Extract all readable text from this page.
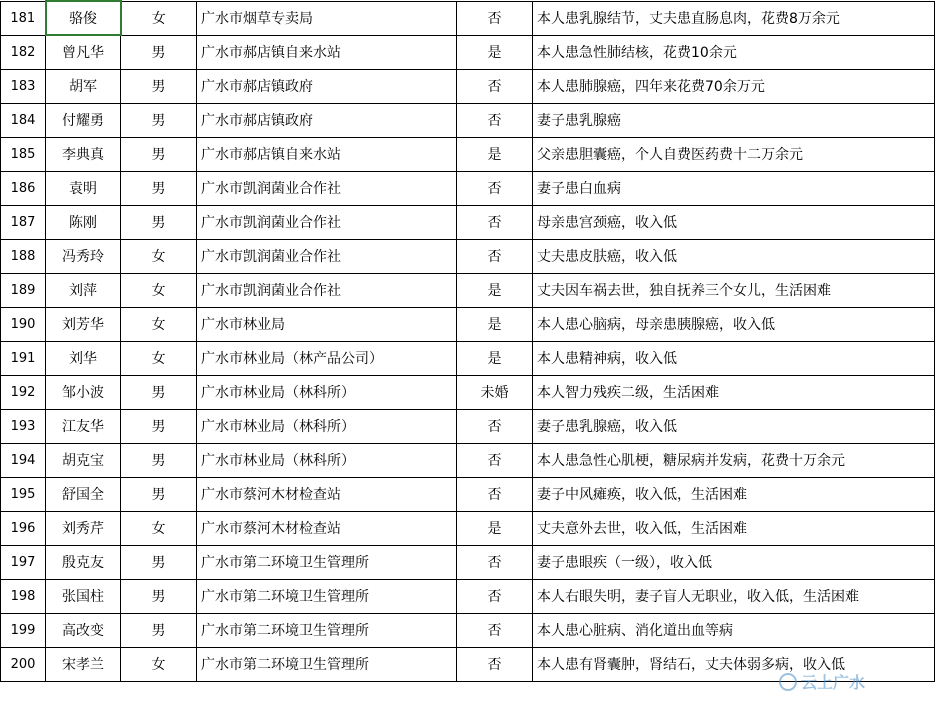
181	骆俊	女	广水市烟草专卖局	否	本人患乳腺结节，丈夫患直肠息肉，花费8万余元
182	曾凡华	男	广水市郝店镇自来水站	是	本人患急性肺结核，花费10余元
183	胡军	男	广水市郝店镇政府	否	本人患肺腺癌，四年来花费70余万元
184	付耀勇	男	广水市郝店镇政府	否	妻子患乳腺癌
185	李典真	男	广水市郝店镇自来水站	是	父亲患胆囊癌，个人自费医药费十二万余元
186	袁明	男	广水市凯润菌业合作社	否	妻子患白血病
187	陈刚	男	广水市凯润菌业合作社	否	母亲患宫颈癌，收入低
188	冯秀玲	女	广水市凯润菌业合作社	否	丈夫患皮肤癌，收入低
189	刘萍	女	广水市凯润菌业合作社	是	丈夫因车祸去世，独自抚养三个女儿，生活困难
190	刘芳华	女	广水市林业局	是	本人患心脑病，母亲患胰腺癌，收入低
191	刘华	女	广水市林业局（林产品公司）	是	本人患精神病，收入低
192	邹小波	男	广水市林业局（林科所）	未婚	本人智力残疾二级，生活困难
193	江友华	男	广水市林业局（林科所）	否	妻子患乳腺癌，收入低
194	胡克宝	男	广水市林业局（林科所）	否	本人患急性心肌梗，糖尿病并发病，花费十万余元
195	舒国全	男	广水市蔡河木材检查站	否	妻子中风瘫痪，收入低，生活困难
196	刘秀芹	女	广水市蔡河木材检查站	是	丈夫意外去世，收入低，生活困难
197	殷克友	男	广水市第二环境卫生管理所	否	妻子患眼疾（一级），收入低
198	张国柱	男	广水市第二环境卫生管理所	否	本人右眼失明，妻子盲人无职业，收入低，生活困难
199	高改变	男	广水市第二环境卫生管理所	否	本人患心脏病、消化道出血等病
200	宋孝兰	女	广水市第二环境卫生管理所	否	本人患有肾囊肿，肾结石，丈夫体弱多病，收入低
云上广水
